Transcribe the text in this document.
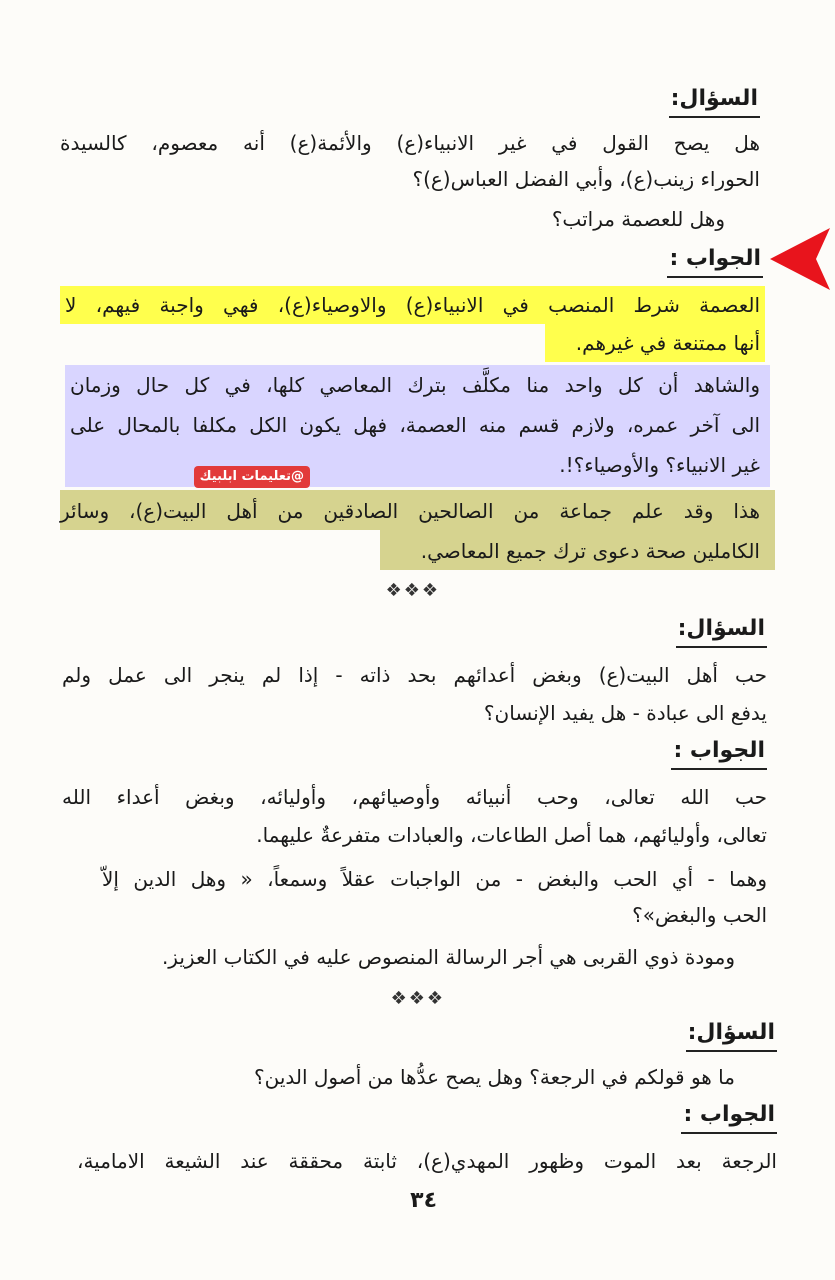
السؤال:
هل يصح القول في غير الانبياء(ع) والأئمة(ع) أنه معصوم، كالسيدة
الحوراء زينب(ع)، وأبي الفضل العباس(ع)؟
وهل للعصمة مراتب؟
الجواب :
العصمة شرط المنصب في الانبياء(ع) والاوصياء(ع)، فهي واجبة فيهم، لا
أنها ممتنعة في غيرهم.
والشاهد أن كل واحد منا مكلَّف بترك المعاصي كلها، في كل حال وزمان
الى آخر عمره، ولازم قسم منه العصمة، فهل يكون الكل مكلفا بالمحال على
غير الانبياء؟ والأوصياء؟!.
@تعليمات ابلبيك
هذا وقد علم جماعة من الصالحين الصادقين من أهل البيت(ع)، وسائر
الكاملين صحة دعوى ترك جميع المعاصي.
❖❖❖
السؤال:
حب أهل البيت(ع) وبغض أعدائهم بحد ذاته - إذا لم ينجر الى عمل ولم
يدفع الى عبادة - هل يفيد الإنسان؟
الجواب :
حب الله تعالى، وحب أنبيائه وأوصيائهم، وأوليائه، وبغض أعداء الله
تعالى، وأوليائهم، هما أصل الطاعات، والعبادات متفرعةٌ عليهما.
وهما - أي الحب والبغض - من الواجبات عقلاً وسمعاً، « وهل الدين إلاّ
الحب والبغض»؟
ومودة ذوي القربى هي أجر الرسالة المنصوص عليه في الكتاب العزيز.
❖❖❖
السؤال:
ما هو قولكم في الرجعة؟ وهل يصح عدُّها من أصول الدين؟
الجواب :
الرجعة بعد الموت وظهور المهدي(ع)، ثابتة محققة عند الشيعة الامامية،
٣٤
